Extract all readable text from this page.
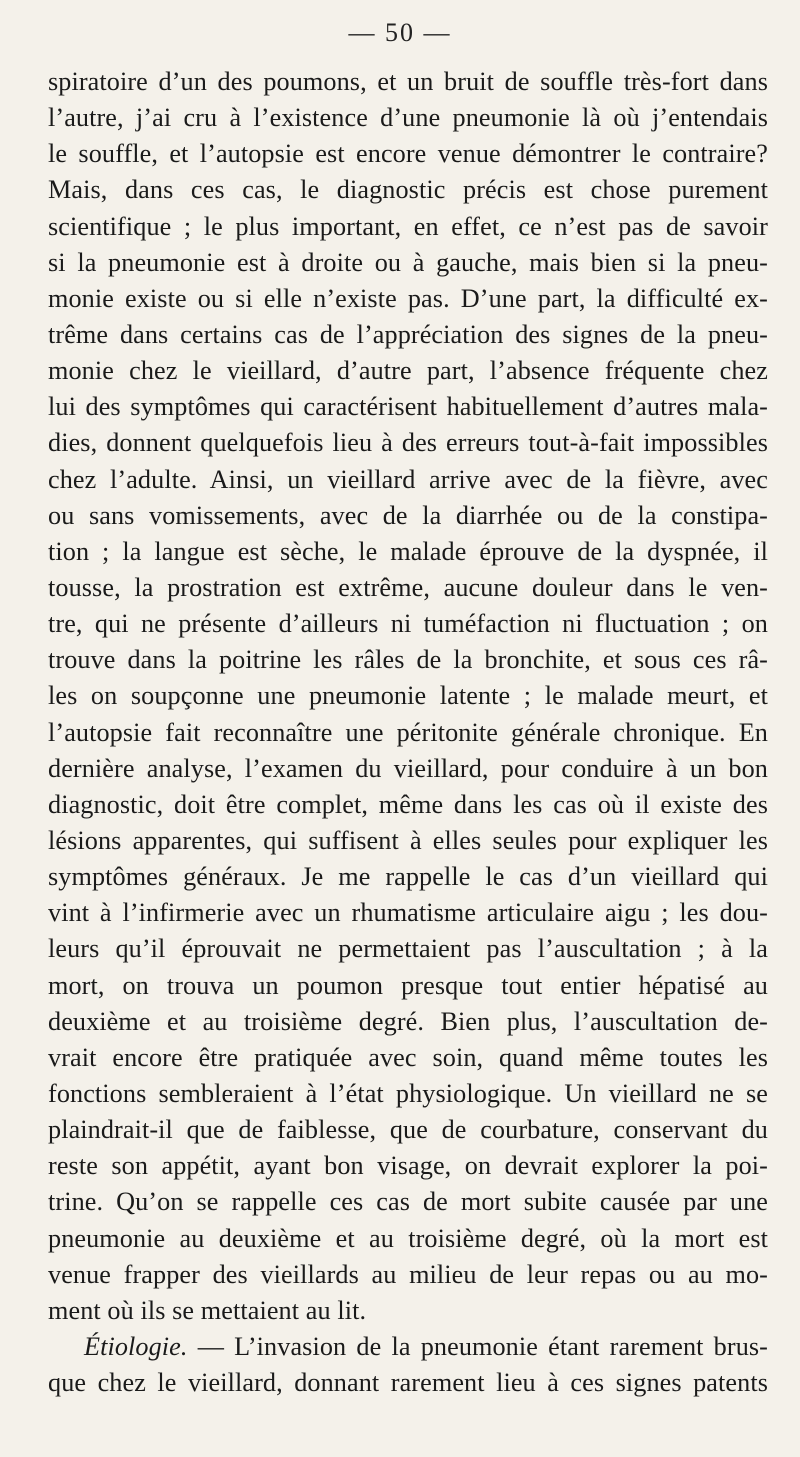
— 50 —
spiratoire d’un des poumons, et un bruit de souffle très-fort dans
l’autre, j’ai cru à l’existence d’une pneumonie là où j’entendais
le souffle, et l’autopsie est encore venue démontrer le contraire?
Mais, dans ces cas, le diagnostic précis est chose purement
scientifique ; le plus important, en effet, ce n’est pas de savoir
si la pneumonie est à droite ou à gauche, mais bien si la pneu-
monie existe ou si elle n’existe pas. D’une part, la difficulté ex-
trême dans certains cas de l’appréciation des signes de la pneu-
monie chez le vieillard, d’autre part, l’absence fréquente chez
lui des symptômes qui caractérisent habituellement d’autres mala-
dies, donnent quelquefois lieu à des erreurs tout-à-fait impossibles
chez l’adulte. Ainsi, un vieillard arrive avec de la fièvre, avec
ou sans vomissements, avec de la diarrhée ou de la constipa-
tion ; la langue est sèche, le malade éprouve de la dyspnée, il
tousse, la prostration est extrême, aucune douleur dans le ven-
tre, qui ne présente d’ailleurs ni tuméfaction ni fluctuation ; on
trouve dans la poitrine les râles de la bronchite, et sous ces râ-
les on soupçonne une pneumonie latente ; le malade meurt, et
l’autopsie fait reconnaître une péritonite générale chronique. En
dernière analyse, l’examen du vieillard, pour conduire à un bon
diagnostic, doit être complet, même dans les cas où il existe des
lésions apparentes, qui suffisent à elles seules pour expliquer les
symptômes généraux. Je me rappelle le cas d’un vieillard qui
vint à l’infirmerie avec un rhumatisme articulaire aigu ; les dou-
leurs qu’il éprouvait ne permettaient pas l’auscultation ; à la
mort, on trouva un poumon presque tout entier hépatisé au
deuxième et au troisième degré. Bien plus, l’auscultation de-
vrait encore être pratiquée avec soin, quand même toutes les
fonctions sembleraient à l’état physiologique. Un vieillard ne se
plaindrait-il que de faiblesse, que de courbature, conservant du
reste son appétit, ayant bon visage, on devrait explorer la poi-
trine. Qu’on se rappelle ces cas de mort subite causée par une
pneumonie au deuxième et au troisième degré, où la mort est
venue frapper des vieillards au milieu de leur repas ou au mo-
ment où ils se mettaient au lit.
Étiologie. — L’invasion de la pneumonie étant rarement brus-
que chez le vieillard, donnant rarement lieu à ces signes patents
